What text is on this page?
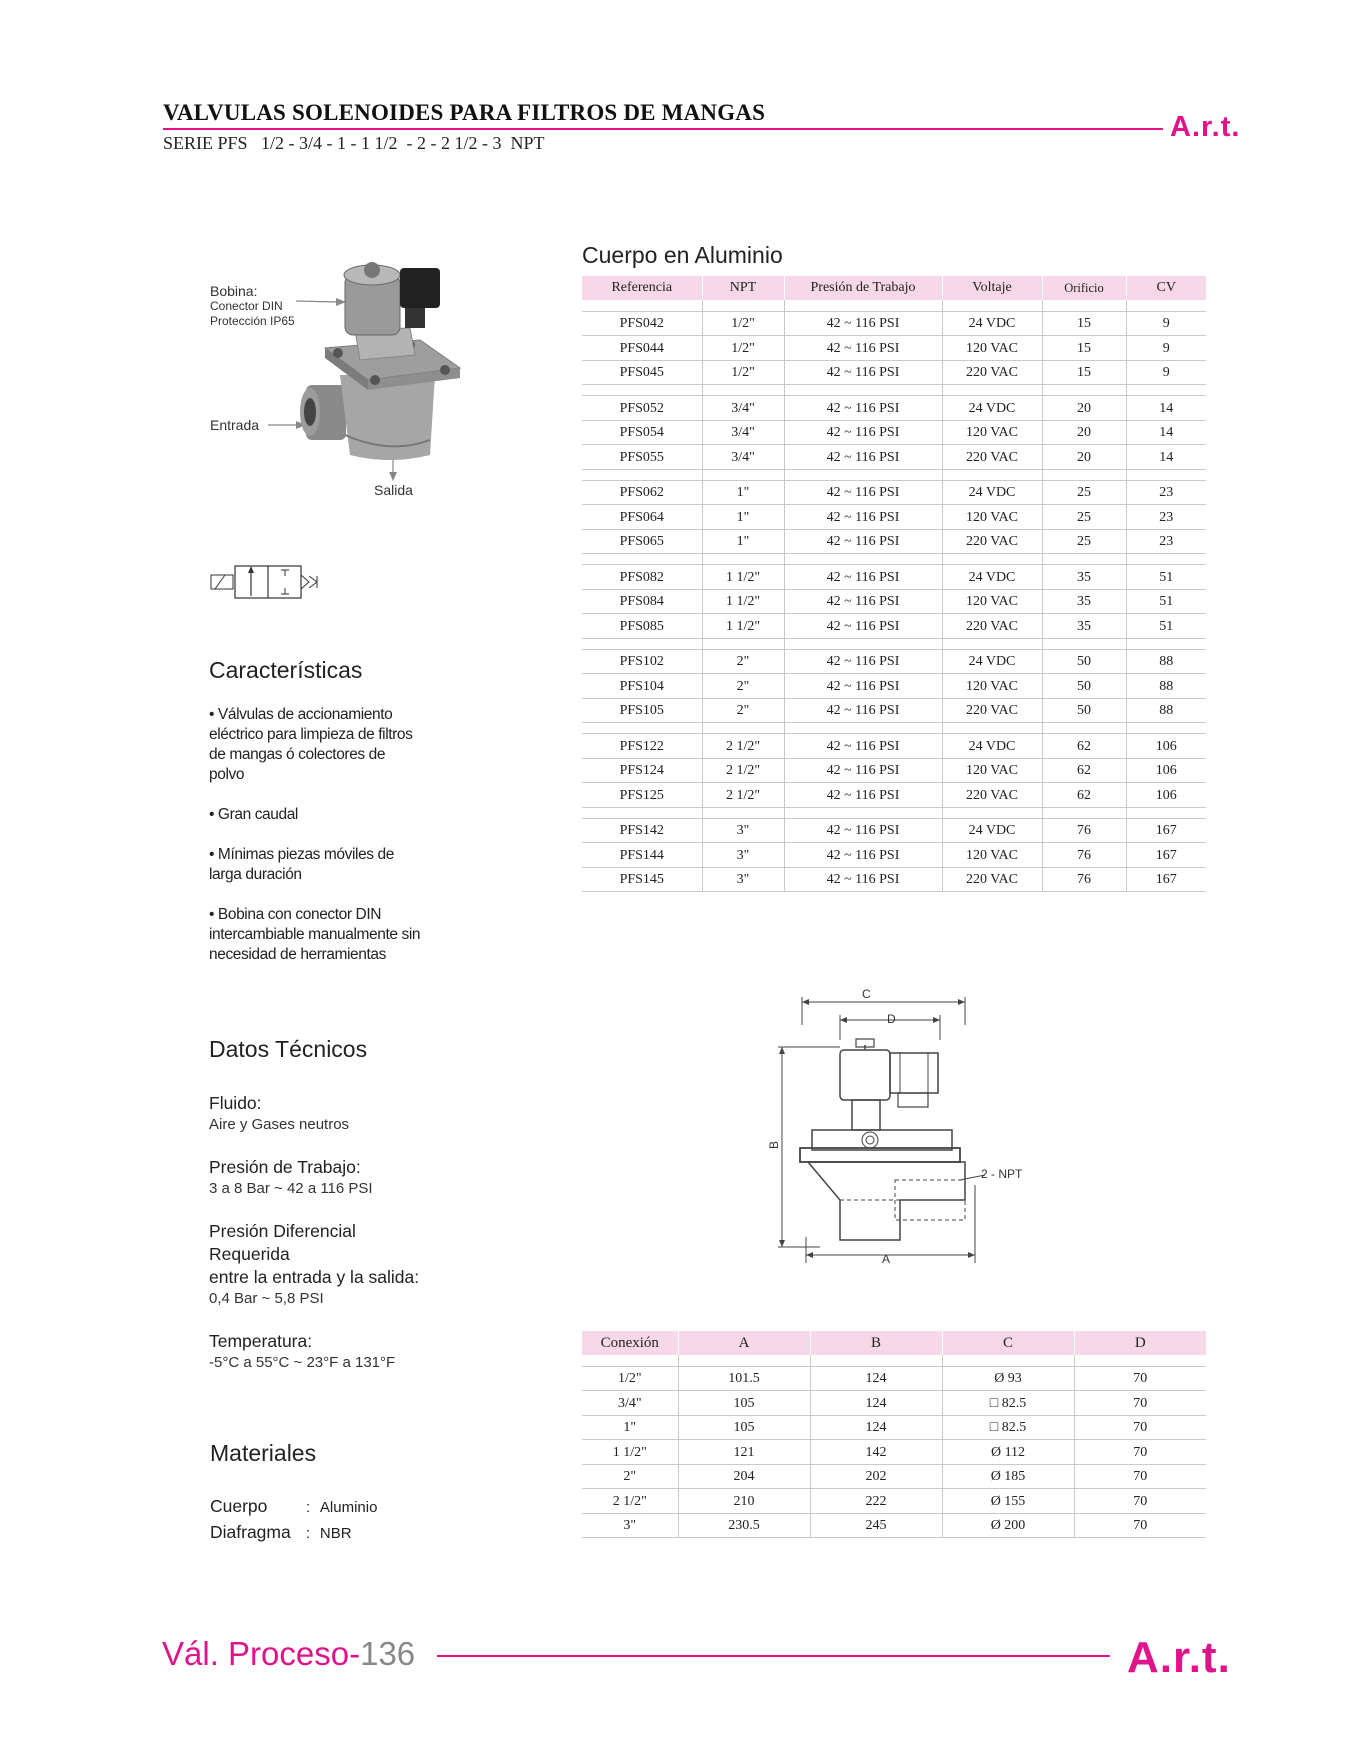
VALVULAS SOLENOIDES PARA FILTROS DE MANGAS
SERIE PFS   1/2 - 3/4 - 1 - 1 1/2  - 2 - 2 1/2 - 3  NPT	A.r.t.
Bobina:
Conector DIN
Protección IP65
Entrada
Salida
Características
• Válvulas de accionamiento eléctrico para limpieza de filtros de mangas ó colectores de polvo
• Gran caudal
• Mínimas piezas móviles de larga duración
• Bobina con conector DIN intercambiable manualmente sin necesidad de herramientas
Datos Técnicos
Fluido:
Aire y Gases neutros
Presión de Trabajo:
3 a 8 Bar ~ 42 a 116 PSI
Presión Diferencial
Requerida
entre la entrada y la salida:
0,4 Bar ~ 5,8 PSI
Temperatura:
-5°C a 55°C ~ 23°F a 131°F
Materiales
Cuerpo	: Aluminio
Diafragma : NBR
Cuerpo en Aluminio
Referencia	NPT	Presión de Trabajo	Voltaje	Orificio	CV

PFS042	1/2"	42 ~ 116 PSI	24 VDC	15	9
PFS044	1/2"	42 ~ 116 PSI	120 VAC	15	9
PFS045	1/2"	42 ~ 116 PSI	220 VAC	15	9

PFS052	3/4"	42 ~ 116 PSI	24 VDC	20	14
PFS054	3/4"	42 ~ 116 PSI	120 VAC	20	14
PFS055	3/4"	42 ~ 116 PSI	220 VAC	20	14

PFS062	1"	42 ~ 116 PSI	24 VDC	25	23
PFS064	1"	42 ~ 116 PSI	120 VAC	25	23
PFS065	1"	42 ~ 116 PSI	220 VAC	25	23

PFS082	1 1/2"	42 ~ 116 PSI	24 VDC	35	51
PFS084	1 1/2"	42 ~ 116 PSI	120 VAC	35	51
PFS085	1 1/2"	42 ~ 116 PSI	220 VAC	35	51

PFS102	2"	42 ~ 116 PSI	24 VDC	50	88
PFS104	2"	42 ~ 116 PSI	120 VAC	50	88
PFS105	2"	42 ~ 116 PSI	220 VAC	50	88

PFS122	2 1/2"	42 ~ 116 PSI	24 VDC	62	106
PFS124	2 1/2"	42 ~ 116 PSI	120 VAC	62	106
PFS125	2 1/2"	42 ~ 116 PSI	220 VAC	62	106

PFS142	3"	42 ~ 116 PSI	24 VDC	76	167
PFS144	3"	42 ~ 116 PSI	120 VAC	76	167
PFS145	3"	42 ~ 116 PSI	220 VAC	76	167
C
D
B
A
2 - NPT
Conexión	A	B	C	D

1/2"	101.5	124	Ø 93	70
3/4"	105	124	□ 82.5	70
1"	105	124	□ 82.5	70
1 1/2"	121	142	Ø 112	70
2"	204	202	Ø 185	70
2 1/2"	210	222	Ø 155	70
3"	230.5	245	Ø 200	70
Vál. Proceso-136	A.r.t.
